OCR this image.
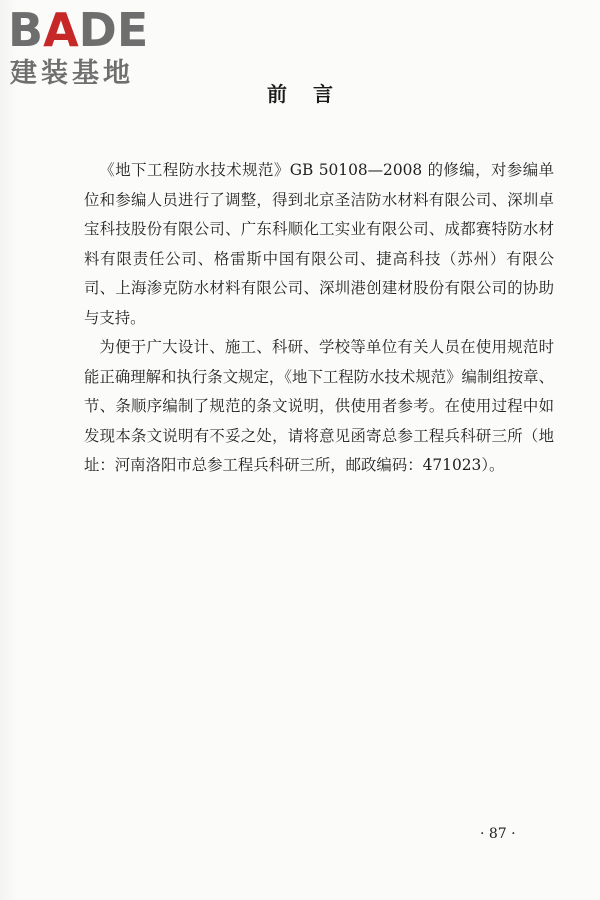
BADE
建装基地
前言

《地下工程防水技术规范》GB 50108—2008 的修编，对参编单位和参编人员进行了调整，得到北京圣洁防水材料有限公司、深圳卓宝科技股份有限公司、广东科顺化工实业有限公司、成都赛特防水材料有限责任公司、格雷斯中国有限公司、捷高科技（苏州）有限公司、上海渗克防水材料有限公司、深圳港创建材股份有限公司的协助与支持。

为便于广大设计、施工、科研、学校等单位有关人员在使用规范时能正确理解和执行条文规定，《地下工程防水技术规范》编制组按章、节、条顺序编制了规范的条文说明，供使用者参考。在使用过程中如发现本条文说明有不妥之处，请将意见函寄总参工程兵科研三所（地址：河南洛阳市总参工程兵科研三所，邮政编码：471023）。

· 87 ·
